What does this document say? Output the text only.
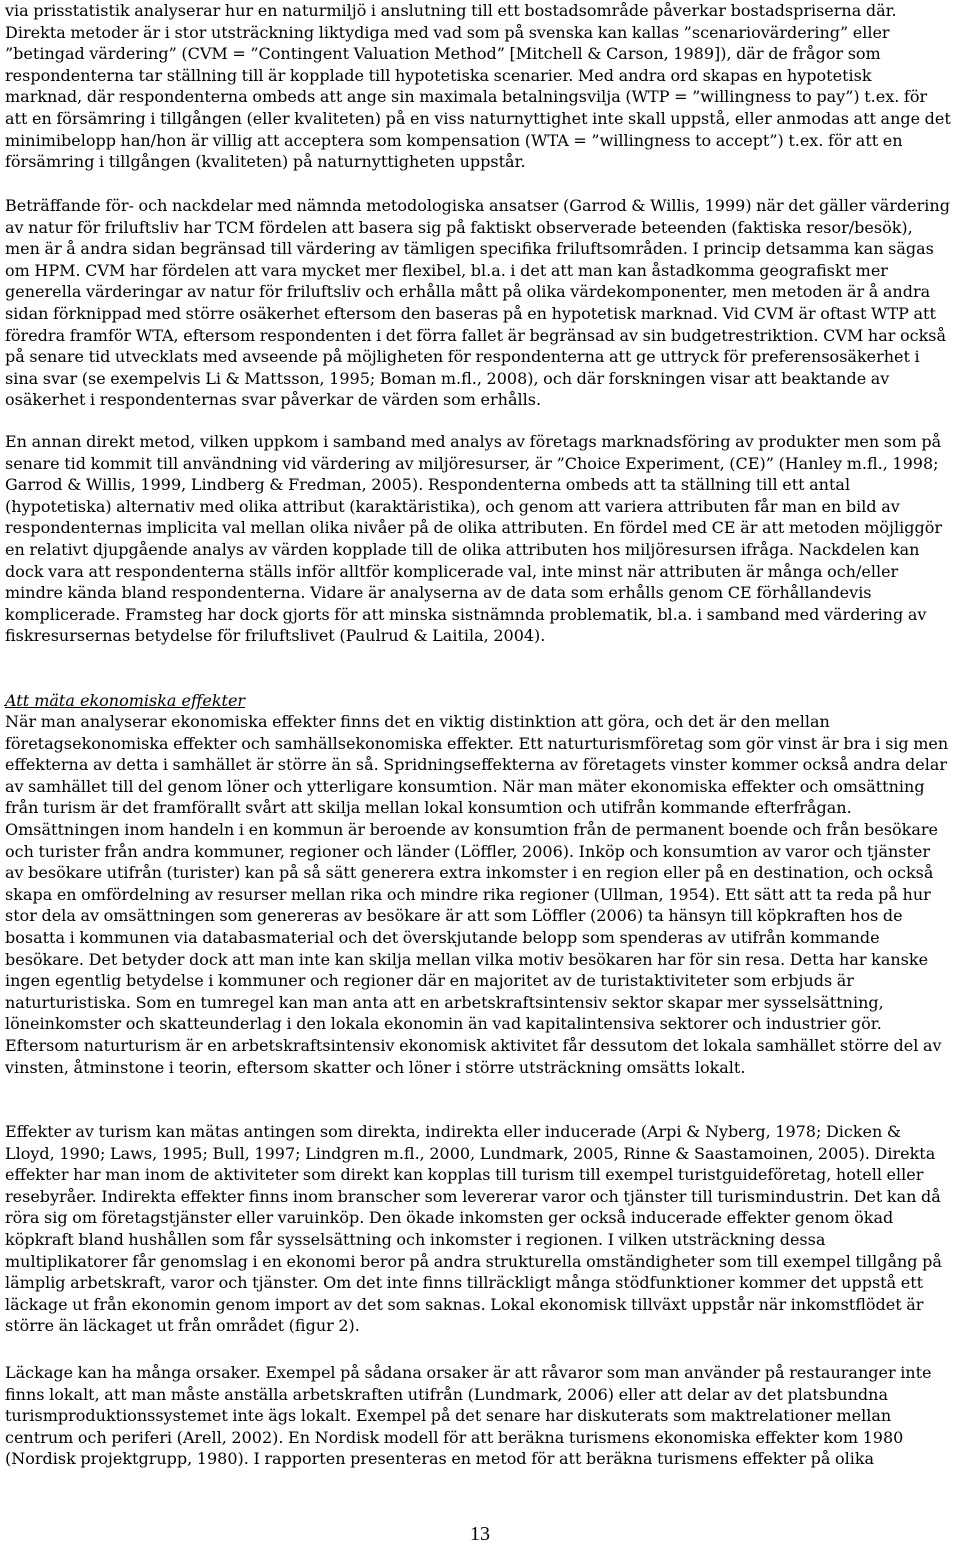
via prisstatistik analyserar hur en naturmiljö i anslutning till ett bostadsområde påverkar bostadspriserna där. Direkta metoder är i stor utsträckning liktydiga med vad som på svenska kan kallas ”scenariovärdering” eller ”betingad värdering” (CVM = ”Contingent Valuation Method” [Mitchell & Carson, 1989]), där de frågor som respondenterna tar ställning till är kopplade till hypotetiska scenarier. Med andra ord skapas en hypotetisk marknad, där respondenterna ombeds att ange sin maximala betalningsvilja (WTP = ”willingness to pay”) t.ex. för att en försämring i tillgången (eller kvaliteten) på en viss naturnyttighet inte skall uppstå, eller anmodas att ange det minimibelopp han/hon är villig att acceptera som kompensation (WTA = ”willingness to accept”) t.ex. för att en försämring i tillgången (kvaliteten) på naturnyttigheten uppstår.

Beträffande för- och nackdelar med nämnda metodologiska ansatser (Garrod & Willis, 1999) när det gäller värdering av natur för friluftsliv har TCM fördelen att basera sig på faktiskt observerade beteenden (faktiska resor/besök), men är å andra sidan begränsad till värdering av tämligen specifika friluftsområden. I princip detsamma kan sägas om HPM. CVM har fördelen att vara mycket mer flexibel, bl.a. i det att man kan åstadkomma geografiskt mer generella värderingar av natur för friluftsliv och erhålla mått på olika värdekomponenter, men metoden är å andra sidan förknippad med större osäkerhet eftersom den baseras på en hypotetisk marknad. Vid CVM är oftast WTP att föredra framför WTA, eftersom respondenten i det förra fallet är begränsad av sin budgetrestriktion. CVM har också på senare tid utvecklats med avseende på möjligheten för respondenterna att ge uttryck för preferensosäkerhet i sina svar (se exempelvis Li & Mattsson, 1995; Boman m.fl., 2008), och där forskningen visar att beaktande av osäkerhet i respondenternas svar påverkar de värden som erhålls.

En annan direkt metod, vilken uppkom i samband med analys av företags marknadsföring av produkter men som på senare tid kommit till användning vid värdering av miljöresurser, är ”Choice Experiment, (CE)” (Hanley m.fl., 1998; Garrod & Willis, 1999, Lindberg & Fredman, 2005). Respondenterna ombeds att ta ställning till ett antal (hypotetiska) alternativ med olika attribut (karaktäristika), och genom att variera attributen får man en bild av respondenternas implicita val mellan olika nivåer på de olika attributen. En fördel med CE är att metoden möjliggör en relativt djupgående analys av värden kopplade till de olika attributen hos miljöresursen ifråga. Nackdelen kan dock vara att respondenterna ställs inför alltför komplicerade val, inte minst när attributen är många och/eller mindre kända bland respondenterna. Vidare är analyserna av de data som erhålls genom CE förhållandevis komplicerade. Framsteg har dock gjorts för att minska sistnämnda problematik, bl.a. i samband med värdering av fiskresursernas betydelse för friluftslivet (Paulrud & Laitila, 2004).

Att mäta ekonomiska effekter

När man analyserar ekonomiska effekter finns det en viktig distinktion att göra, och det är den mellan företagsekonomiska effekter och samhällsekonomiska effekter. Ett naturturismföretag som gör vinst är bra i sig men effekterna av detta i samhället är större än så. Spridningseffekterna av företagets vinster kommer också andra delar av samhället till del genom löner och ytterligare konsumtion. När man mäter ekonomiska effekter och omsättning från turism är det framförallt svårt att skilja mellan lokal konsumtion och utifrån kommande efterfrågan. Omsättningen inom handeln i en kommun är beroende av konsumtion från de permanent boende och från besökare och turister från andra kommuner, regioner och länder (Löffler, 2006). Inköp och konsumtion av varor och tjänster av besökare utifrån (turister) kan på så sätt generera extra inkomster i en region eller på en destination, och också skapa en omfördelning av resurser mellan rika och mindre rika regioner (Ullman, 1954). Ett sätt att ta reda på hur stor dela av omsättningen som genereras av besökare är att som Löffler (2006) ta hänsyn till köpkraften hos de bosatta i kommunen via databasmaterial och det överskjutande belopp som spenderas av utifrån kommande besökare. Det betyder dock att man inte kan skilja mellan vilka motiv besökaren har för sin resa. Detta har kanske ingen egentlig betydelse i kommuner och regioner där en majoritet av de turistaktiviteter som erbjuds är naturturistiska. Som en tumregel kan man anta att en arbetskraftsintensiv sektor skapar mer sysselsättning, löneinkomster och skatteunderlag i den lokala ekonomin än vad kapitalintensiva sektorer och industrier gör. Eftersom naturturism är en arbetskraftsintensiv ekonomisk aktivitet får dessutom det lokala samhället större del av vinsten, åtminstone i teorin, eftersom skatter och löner i större utsträckning omsätts lokalt.

Effekter av turism kan mätas antingen som direkta, indirekta eller inducerade (Arpi & Nyberg, 1978; Dicken & Lloyd, 1990; Laws, 1995; Bull, 1997; Lindgren m.fl., 2000, Lundmark, 2005, Rinne & Saastamoinen, 2005). Direkta effekter har man inom de aktiviteter som direkt kan kopplas till turism till exempel turistguideföretag, hotell eller resebyråer. Indirekta effekter finns inom branscher som levererar varor och tjänster till turismindustrin. Det kan då röra sig om företagstjänster eller varuinköp. Den ökade inkomsten ger också inducerade effekter genom ökad köpkraft bland hushållen som får sysselsättning och inkomster i regionen. I vilken utsträckning dessa multiplikatorer får genomslag i en ekonomi beror på andra strukturella omständigheter som till exempel tillgång på lämplig arbetskraft, varor och tjänster. Om det inte finns tillräckligt många stödfunktioner kommer det uppstå ett läckage ut från ekonomin genom import av det som saknas. Lokal ekonomisk tillväxt uppstår när inkomstflödet är större än läckaget ut från området (figur 2).

Läckage kan ha många orsaker. Exempel på sådana orsaker är att råvaror som man använder på restauranger inte finns lokalt, att man måste anställa arbetskraften utifrån (Lundmark, 2006) eller att delar av det platsbundna turismproduktionssystemet inte ägs lokalt. Exempel på det senare har diskuterats som maktrelationer mellan centrum och periferi (Arell, 2002). En Nordisk modell för att beräkna turismens ekonomiska effekter kom 1980 (Nordisk projektgrupp, 1980). I rapporten presenteras en metod för att beräkna turismens effekter på olika

13
